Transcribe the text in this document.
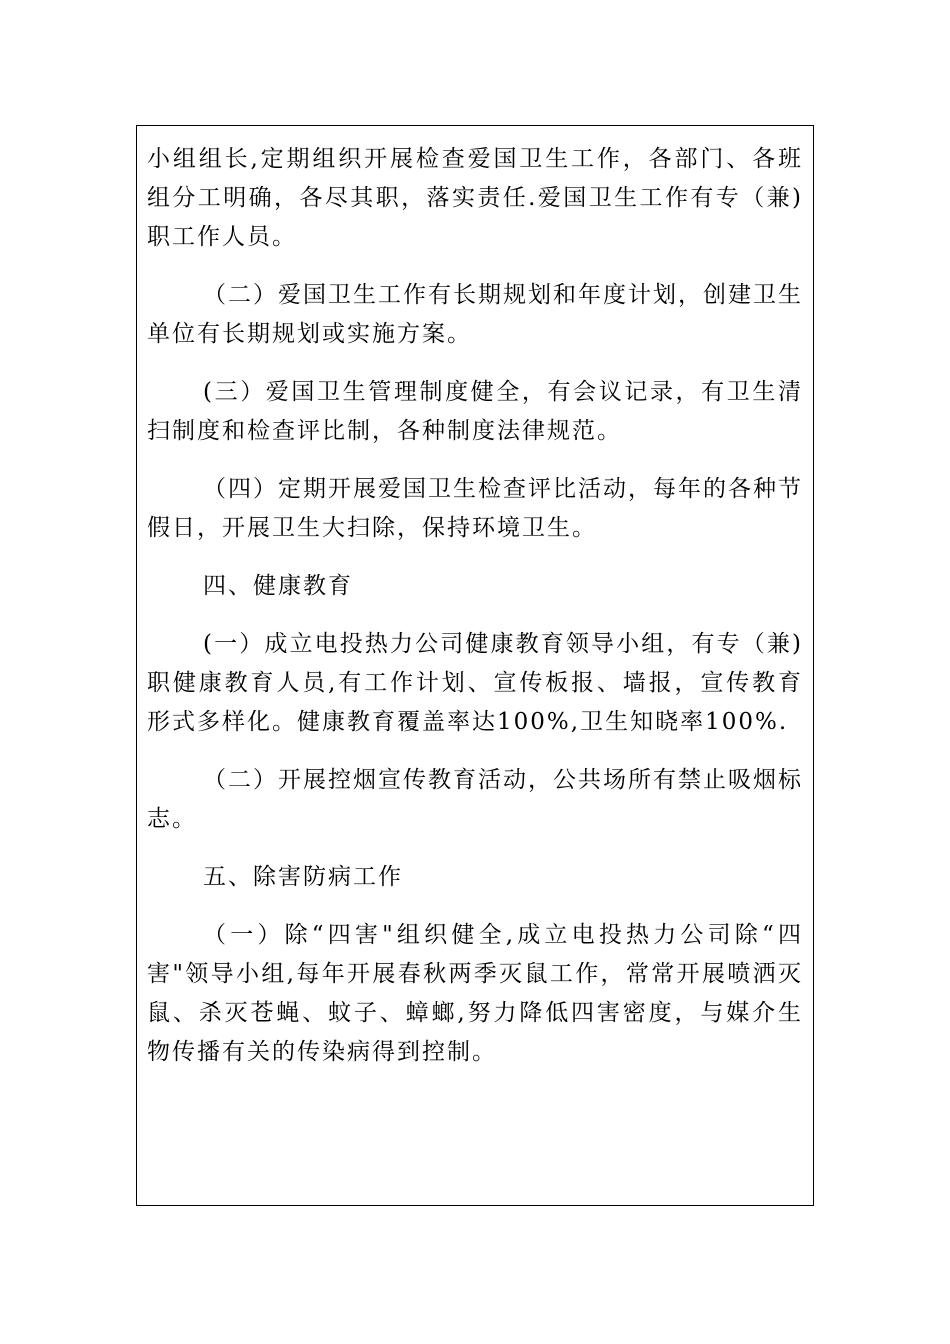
小组组长,定期组织开展检查爱国卫生工作，各部门、各班组分工明确，各尽其职，落实责任.爱国卫生工作有专（兼)职工作人员。

（二）爱国卫生工作有长期规划和年度计划，创建卫生单位有长期规划或实施方案。

(三）爱国卫生管理制度健全，有会议记录，有卫生清扫制度和检查评比制，各种制度法律规范。

（四）定期开展爱国卫生检查评比活动，每年的各种节假日，开展卫生大扫除，保持环境卫生。

四、健康教育

(一）成立电投热力公司健康教育领导小组，有专（兼)职健康教育人员,有工作计划、宣传板报、墙报，宣传教育形式多样化。健康教育覆盖率达100%,卫生知晓率100%.

（二）开展控烟宣传教育活动，公共场所有禁止吸烟标志。

五、除害防病工作

（一）除“四害"组织健全,成立电投热力公司除“四害"领导小组,每年开展春秋两季灭鼠工作，常常开展喷洒灭鼠、杀灭苍蝇、蚊子、蟑螂,努力降低四害密度，与媒介生物传播有关的传染病得到控制。
